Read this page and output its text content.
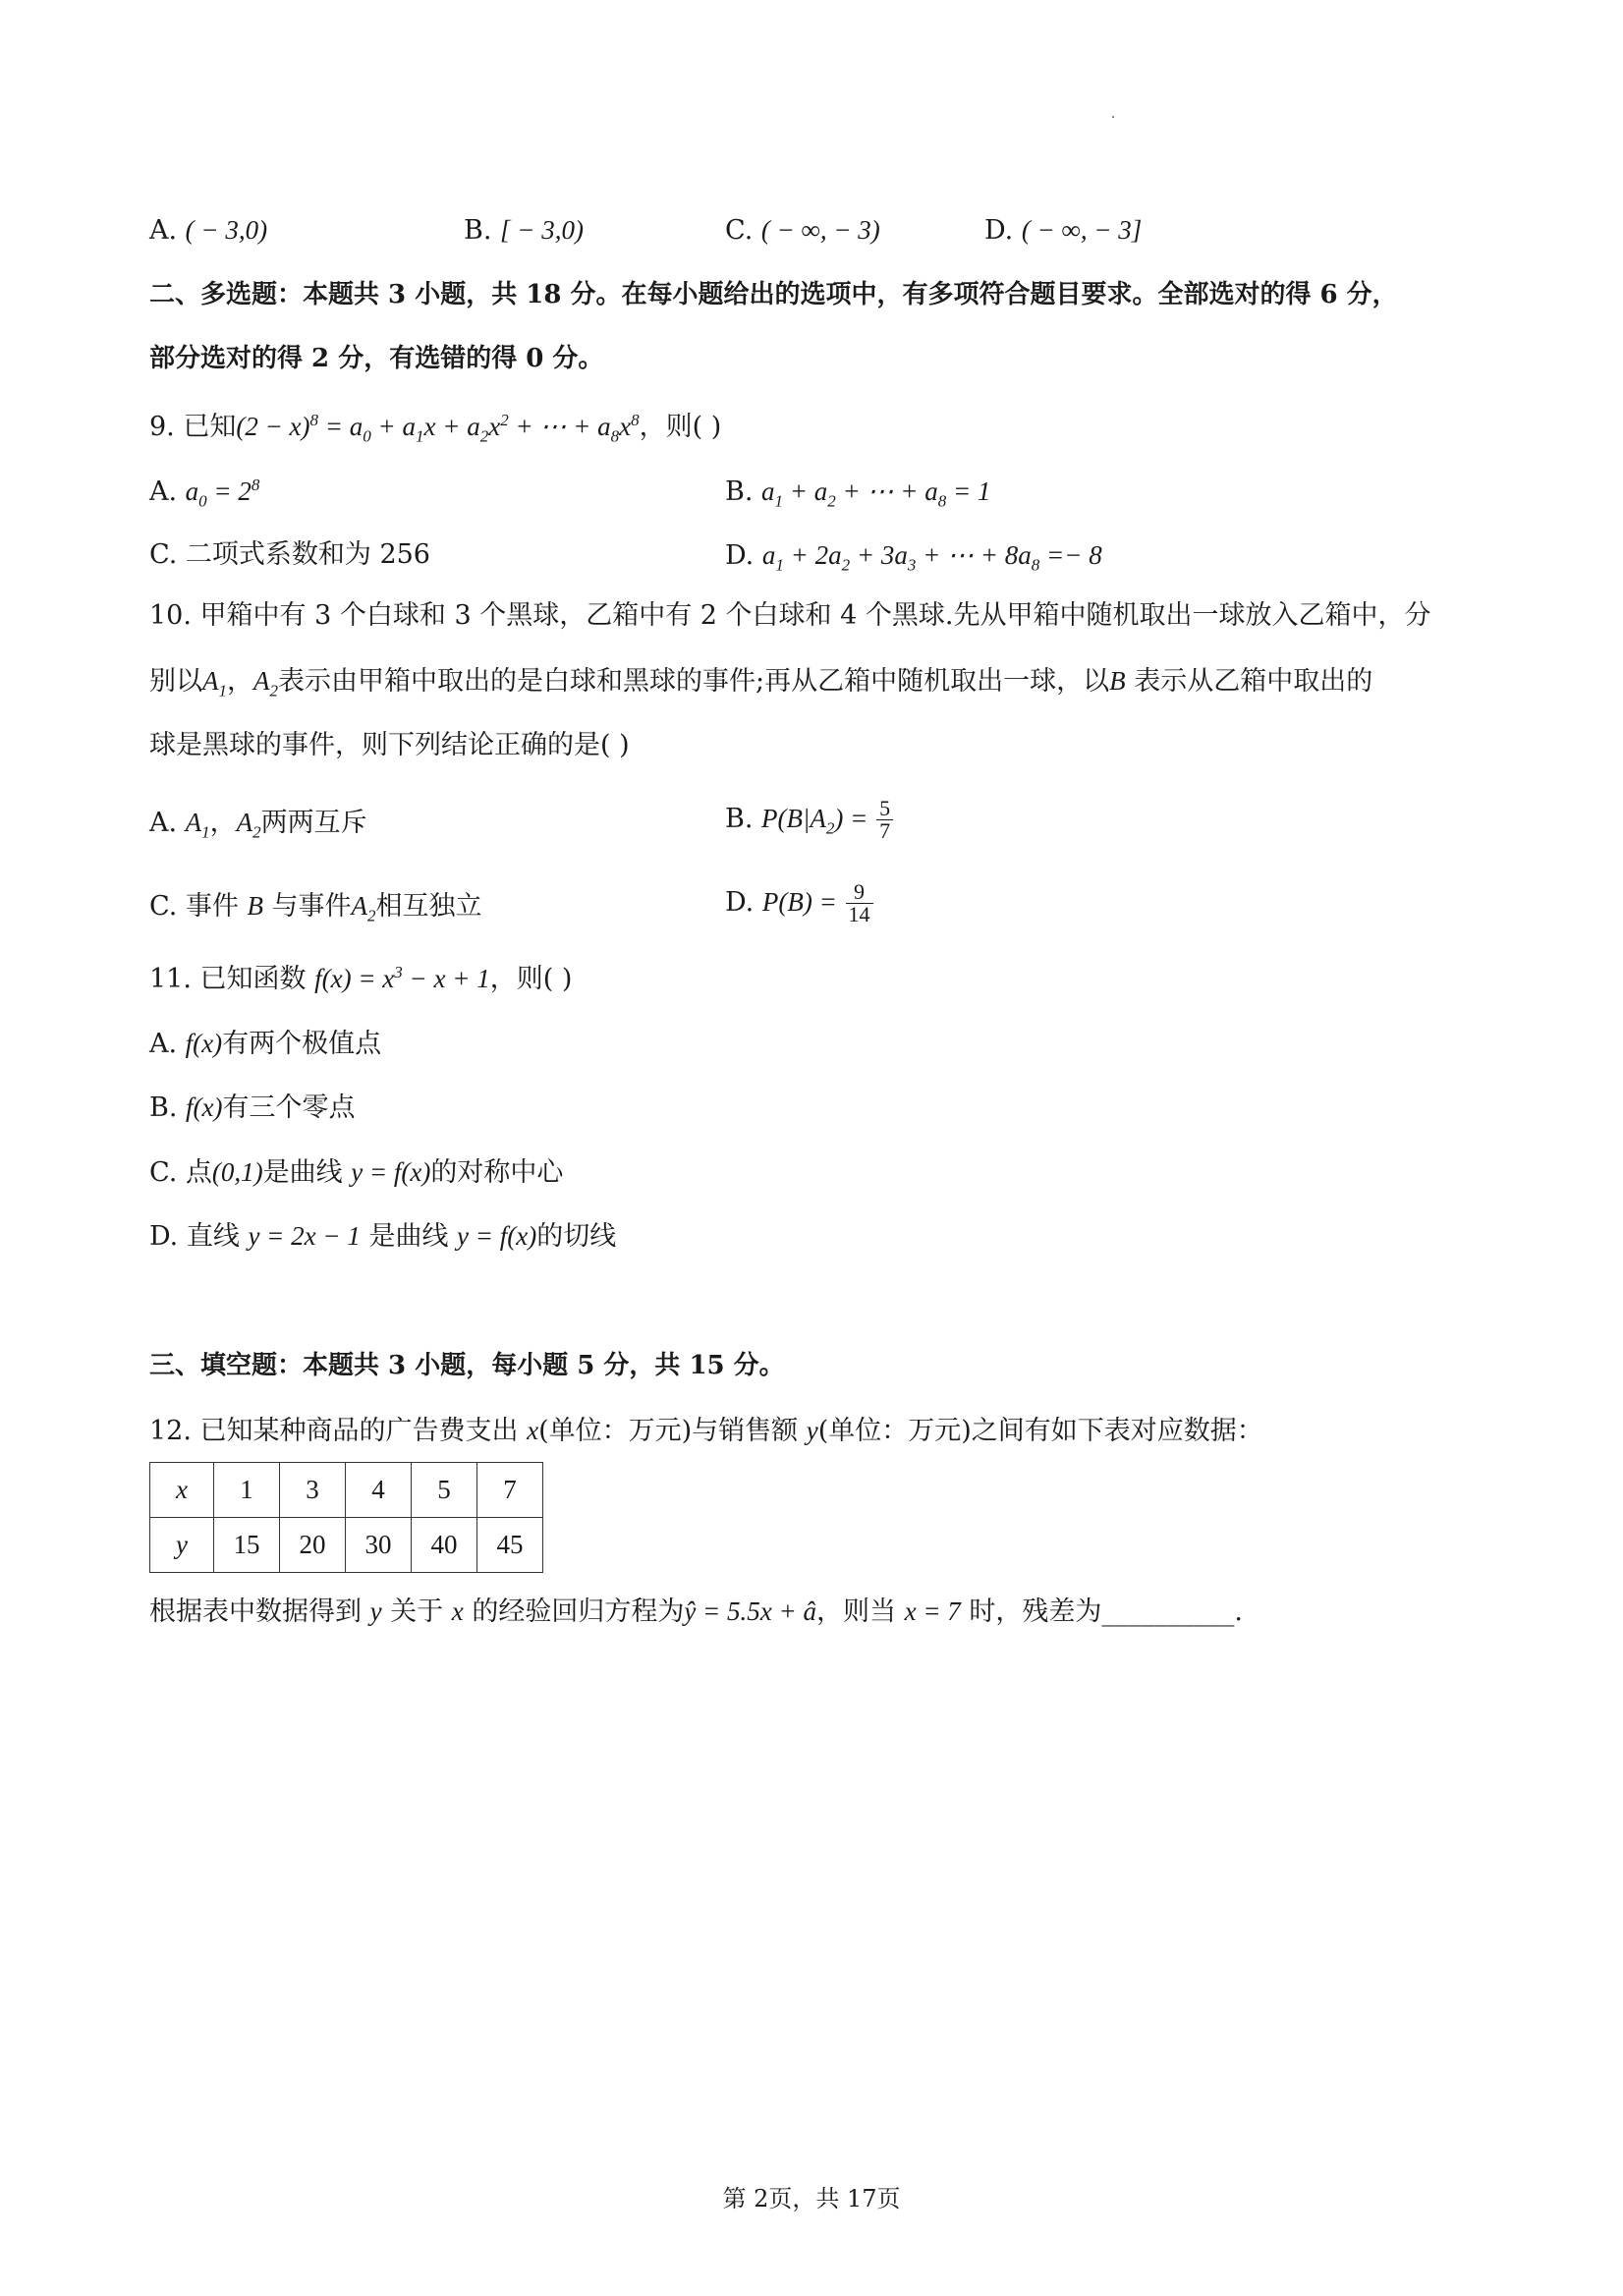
A. ( − 3,0)	B. [ − 3,0)	C. ( − ∞, − 3)	D. ( − ∞, − 3]
二、多选题：本题共 3 小题，共 18 分。在每小题给出的选项中，有多项符合题目要求。全部选对的得 6 分，
部分选对的得 2 分，有选错的得 0 分。
9. 已知$(2 - x)^8 = a_0 + a_1x + a_2x^2$ + ⋯ + $a_8x^8$，则( )
A. $a_0 = 2^8$	B. $a_1 + a_2$ + ⋯ + $a_8 = 1$
C. 二项式系数和为 256	D. $a_1 + 2a_2 + 3a_3$ + ⋯ + $8a_8 =- 8$
10. 甲箱中有 3 个白球和 3 个黑球，乙箱中有 2 个白球和 4 个黑球.先从甲箱中随机取出一球放入乙箱中，分
别以$A_1$，$A_2$表示由甲箱中取出的是白球和黑球的事件;再从乙箱中随机取出一球，以B 表示从乙箱中取出的
球是黑球的事件，则下列结论正确的是( )
A. $A_1$，$A_2$两两互斥	B. $P(B|A_2) = \frac{5}{7}$
C. 事件 B 与事件$A_2$相互独立	D. $P(B) = \frac{9}{14}$
11. 已知函数 $f(x) = x^3 - x + 1$，则( )
A. f(x)有两个极值点
B. f(x)有三个零点
C. 点(0,1)是曲线 y = f(x)的对称中心
D. 直线 y = 2x − 1 是曲线 y = f(x)的切线
三、填空题：本题共 3 小题，每小题 5 分，共 15 分。
12. 已知某种商品的广告费支出 x(单位：万元)与销售额 y(单位：万元)之间有如下表对应数据：
x	1	3	4	5	7
y	15	20	30	40	45
根据表中数据得到 y 关于 x 的经验回归方程为ŷ = 5.5x + â，则当 x = 7 时，残差为__________.
第 2页，共 17页
